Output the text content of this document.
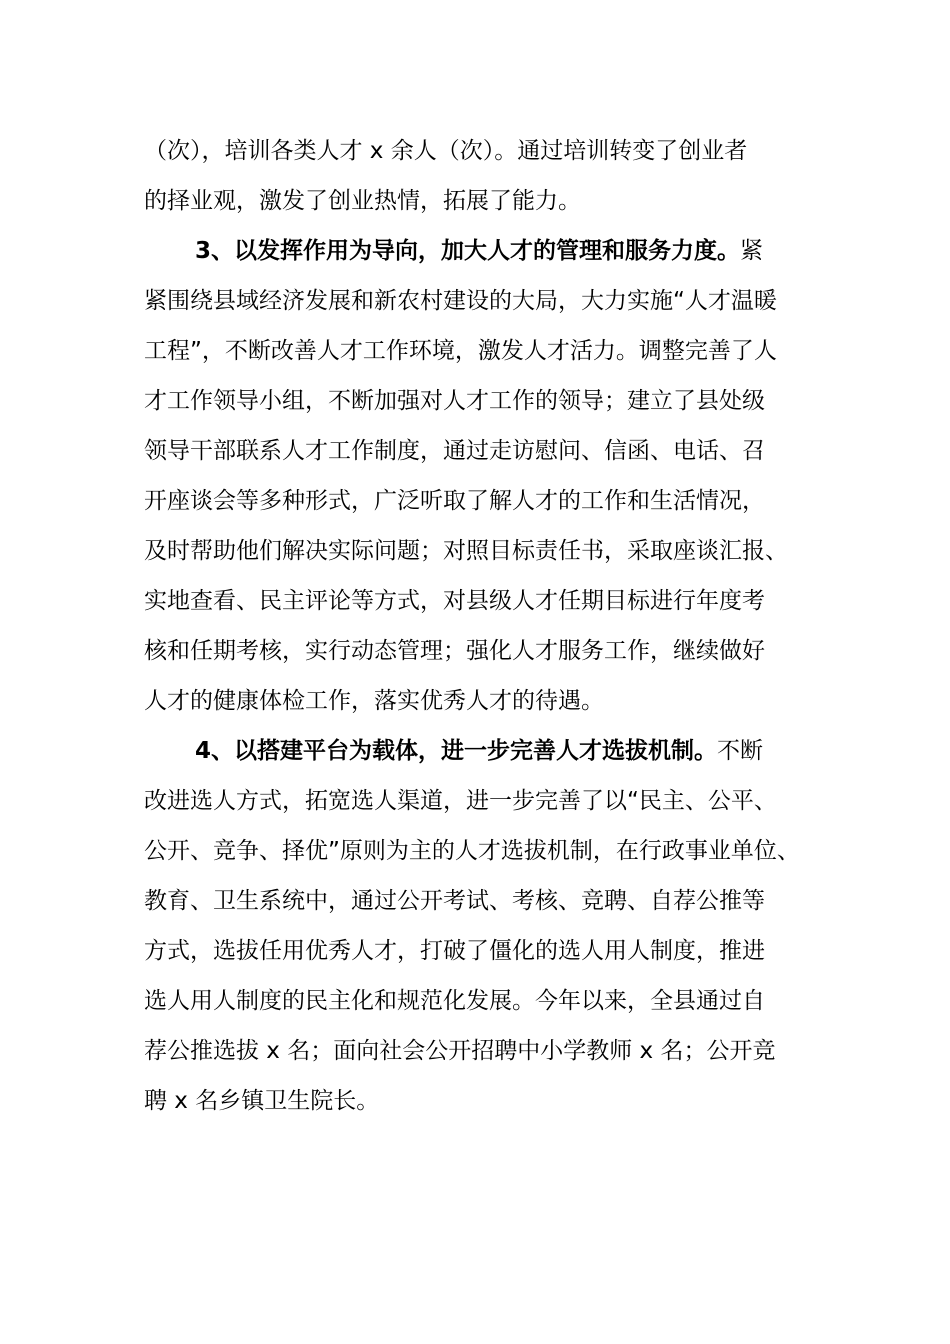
（次），培训各类人才 x 余人（次）。通过培训转变了创业者
的择业观，激发了创业热情，拓展了能力。
3、以发挥作用为导向，加大人才的管理和服务力度。紧
紧围绕县域经济发展和新农村建设的大局，大力实施“人才温暖
工程”，不断改善人才工作环境，激发人才活力。调整完善了人
才工作领导小组，不断加强对人才工作的领导；建立了县处级
领导干部联系人才工作制度，通过走访慰问、信函、电话、召
开座谈会等多种形式，广泛听取了解人才的工作和生活情况，
及时帮助他们解决实际问题；对照目标责任书，采取座谈汇报、
实地查看、民主评论等方式，对县级人才任期目标进行年度考
核和任期考核，实行动态管理；强化人才服务工作，继续做好
人才的健康体检工作，落实优秀人才的待遇。
4、以搭建平台为载体，进一步完善人才选拔机制。不断
改进选人方式，拓宽选人渠道，进一步完善了以“民主、公平、
公开、竞争、择优”原则为主的人才选拔机制，在行政事业单位、
教育、卫生系统中，通过公开考试、考核、竞聘、自荐公推等
方式，选拔任用优秀人才，打破了僵化的选人用人制度，推进
选人用人制度的民主化和规范化发展。今年以来，全县通过自
荐公推选拔 x 名；面向社会公开招聘中小学教师 x 名；公开竞
聘 x 名乡镇卫生院长。
